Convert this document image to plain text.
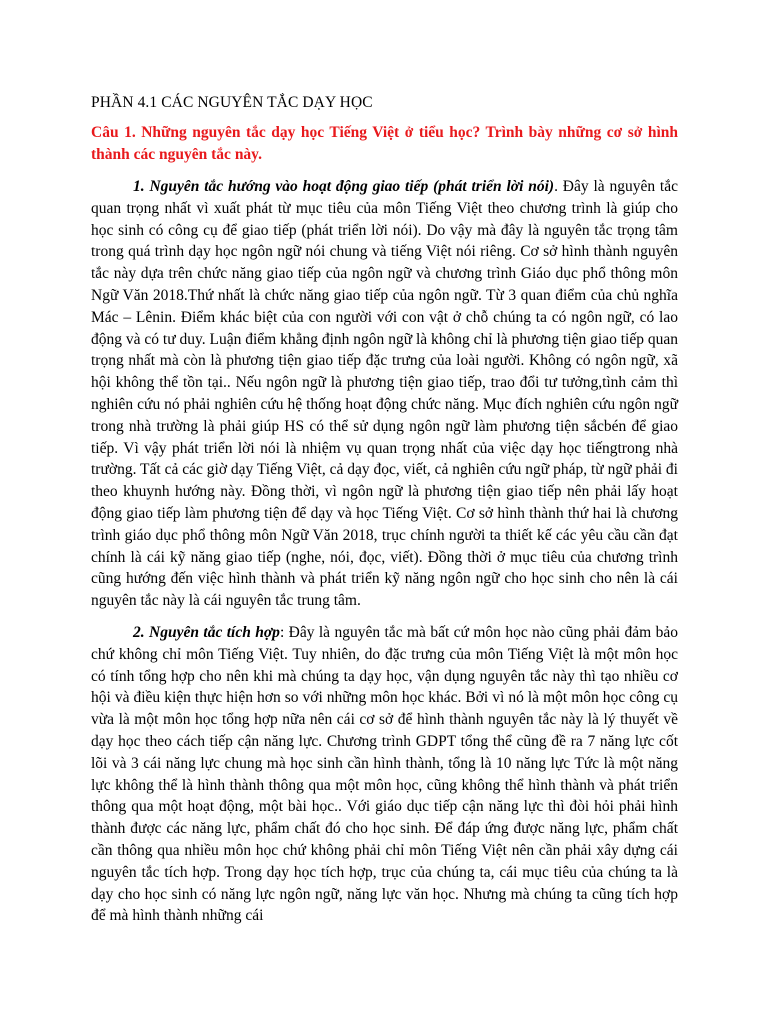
PHẦN 4.1 CÁC NGUYÊN TẮC DẠY HỌC
Câu 1. Những nguyên tắc dạy học Tiếng Việt ở tiểu học? Trình bày những cơ sở hình thành các nguyên tắc này.

1. Nguyên tắc hướng vào hoạt động giao tiếp (phát triển lời nói). Đây là nguyên tắc quan trọng nhất vì xuất phát từ mục tiêu của môn Tiếng Việt theo chương trình là giúp cho học sinh có công cụ để giao tiếp (phát triển lời nói). Do vậy mà đây là nguyên tắc trọng tâm trong quá trình dạy học ngôn ngữ nói chung và tiếng Việt nói riêng. Cơ sở hình thành nguyên tắc này dựa trên chức năng giao tiếp của ngôn ngữ và chương trình Giáo dục phổ thông môn Ngữ Văn 2018.Thứ nhất là chức năng giao tiếp của ngôn ngữ. Từ 3 quan điểm của chủ nghĩa Mác – Lênin. Điểm khác biệt của con người với con vật ở chỗ chúng ta có ngôn ngữ, có lao động và có tư duy. Luận điểm khẳng định ngôn ngữ là không chỉ là phương tiện giao tiếp quan trọng nhất mà còn là phương tiện giao tiếp đặc trưng của loài người. Không có ngôn ngữ, xã hội không thể tồn tại.. Nếu ngôn ngữ là phương tiện giao tiếp, trao đổi tư tưởng,tình cảm thì nghiên cứu nó phải nghiên cứu hệ thống hoạt động chức năng. Mục đích nghiên cứu ngôn ngữ trong nhà trường là phải giúp HS có thể sử dụng ngôn ngữ làm phương tiện sắcbén để giao tiếp. Vì vậy phát triển lời nói là nhiệm vụ quan trọng nhất của việc dạy học tiếngtrong nhà trường. Tất cả các giờ dạy Tiếng Việt, cả dạy đọc, viết, cả nghiên cứu ngữ pháp, từ ngữ phải đi theo khuynh hướng này. Đồng thời, vì ngôn ngữ là phương tiện giao tiếp nên phải lấy hoạt động giao tiếp làm phương tiện để dạy và học Tiếng Việt. Cơ sở hình thành thứ hai là chương trình giáo dục phổ thông môn Ngữ Văn 2018, trục chính người ta thiết kế các yêu cầu cần đạt chính là cái kỹ năng giao tiếp (nghe, nói, đọc, viết). Đồng thời ở mục tiêu của chương trình cũng hướng đến việc hình thành và phát triển kỹ năng ngôn ngữ cho học sinh cho nên là cái nguyên tắc này là cái nguyên tắc trung tâm.

2. Nguyên tắc tích hợp: Đây là nguyên tắc mà bất cứ môn học nào cũng phải đảm bảo chứ không chỉ môn Tiếng Việt. Tuy nhiên, do đặc trưng của môn Tiếng Việt là một môn học có tính tổng hợp cho nên khi mà chúng ta dạy học, vận dụng nguyên tắc này thì tạo nhiều cơ hội và điều kiện thực hiện hơn so với những môn học khác. Bởi vì nó là một môn học công cụ vừa là một môn học tổng hợp nữa nên cái cơ sở để hình thành nguyên tắc này là lý thuyết về dạy học theo cách tiếp cận năng lực. Chương trình GDPT tổng thể cũng đề ra 7 năng lực cốt lõi và 3 cái năng lực chung mà học sinh cần hình thành, tổng là 10 năng lực Tức là một năng lực không thể là hình thành thông qua một môn học, cũng không thể hình thành và phát triển thông qua một hoạt động, một bài học.. Với giáo dục tiếp cận năng lực thì đòi hỏi phải hình thành được các năng lực, phẩm chất đó cho học sinh. Để đáp ứng được năng lực, phẩm chất cần thông qua nhiều môn học chứ không phải chỉ môn Tiếng Việt nên cần phải xây dựng cái nguyên tắc tích hợp. Trong dạy học tích hợp, trục của chúng ta, cái mục tiêu của chúng ta là dạy cho học sinh có năng lực ngôn ngữ, năng lực văn học. Nhưng mà chúng ta cũng tích hợp để mà hình thành những cái
